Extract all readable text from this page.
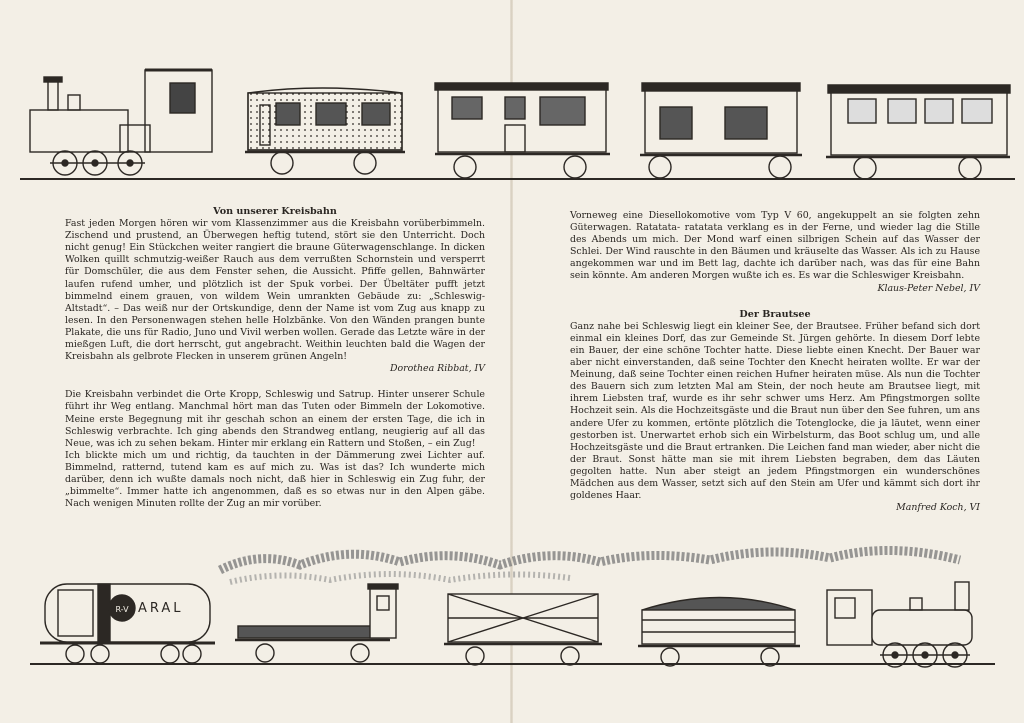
Von unserer Kreisbahn

Fast jeden Morgen hören wir vom Klassenzimmer aus die Kreisbahn vorüberbimmeln. Zischend und prustend, an Überwegen heftig tutend, stört sie den Unterricht. Doch nicht genug! Ein Stückchen weiter rangiert die braune Güterwagenschlange. In dicken Wolken quillt schmutzig-weißer Rauch aus dem verrußten Schornstein und versperrt für Domschüler, die aus dem Fenster sehen, die Aussicht. Pfiffe gellen, Bahnwärter laufen rufend umher, und plötzlich ist der Spuk vorbei. Der Übeltäter pufft jetzt bimmelnd einem grauen, von wildem Wein umrankten Gebäude zu: „Schleswig-Altstadt“. – Das weiß nur der Ortskundige, denn der Name ist vom Zug aus knapp zu lesen. In den Personenwagen stehen helle Holzbänke. Von den Wänden prangen bunte Plakate, die uns für Radio, Juno und Vivil werben wollen. Gerade das Letzte wäre in der mießgen Luft, die dort herrscht, gut angebracht. Weithin leuchten bald die Wagen der Kreisbahn als gelbrote Flecken in unserem grünen Angeln!

Dorothea Ribbat, IV

Die Kreisbahn verbindet die Orte Kropp, Schleswig und Satrup. Hinter unserer Schule führt ihr Weg entlang. Manchmal hört man das Tuten oder Bimmeln der Lokomotive. Meine erste Begegnung mit ihr geschah schon an einem der ersten Tage, die ich in Schleswig verbrachte. Ich ging abends den Strandweg entlang, neugierig auf all das Neue, was ich zu sehen bekam. Hinter mir erklang ein Rattern und Stoßen, – ein Zug!

Ich blickte mich um und richtig, da tauchten in der Dämmerung zwei Lichter auf. Bimmelnd, ratternd, tutend kam es auf mich zu. Was ist das? Ich wunderte mich darüber, denn ich wußte damals noch nicht, daß hier in Schleswig ein Zug fuhr, der „bimmelte“. Immer hatte ich angenommen, daß es so etwas nur in den Alpen gäbe. Nach wenigen Minuten rollte der Zug an mir vorüber.

Vorneweg eine Diesellokomotive vom Typ V 60, angekuppelt an sie folgten zehn Güterwagen. Ratatata- ratatata verklang es in der Ferne, und wieder lag die Stille des Abends um mich. Der Mond warf einen silbrigen Schein auf das Wasser der Schlei. Der Wind rauschte in den Bäumen und kräuselte das Wasser. Als ich zu Hause angekommen war und im Bett lag, dachte ich darüber nach, was das für eine Bahn sein könnte. Am anderen Morgen wußte ich es. Es war die Schleswiger Kreisbahn.

Klaus-Peter Nebel, IV

Der Brautsee

Ganz nahe bei Schleswig liegt ein kleiner See, der Brautsee. Früher befand sich dort einmal ein kleines Dorf, das zur Gemeinde St. Jürgen gehörte. In diesem Dorf lebte ein Bauer, der eine schöne Tochter hatte. Diese liebte einen Knecht. Der Bauer war aber nicht einverstanden, daß seine Tochter den Knecht heiraten wollte. Er war der Meinung, daß seine Tochter einen reichen Hufner heiraten müse. Als nun die Tochter des Bauern sich zum letzten Mal am Stein, der noch heute am Brautsee liegt, mit ihrem Liebsten traf, wurde es ihr sehr schwer ums Herz. Am Pfingstmorgen sollte Hochzeit sein. Als die Hochzeitsgäste und die Braut nun über den See fuhren, um ans andere Ufer zu kommen, ertönte plötzlich die Totenglocke, die ja läutet, wenn einer gestorben ist. Unerwartet erhob sich ein Wirbelsturm, das Boot schlug um, und alle Hochzeitsgäste und die Braut ertranken. Die Leichen fand man wieder, aber nicht die der Braut. Sonst hätte man sie mit ihrem Liebsten begraben, dem das Läuten gegolten hatte. Nun aber steigt an jedem Pfingstmorgen ein wunderschönes Mädchen aus dem Wasser, setzt sich auf den Stein am Ufer und kämmt sich dort ihr goldenes Haar.

Manfred Koch, VI

R-V ARAL
